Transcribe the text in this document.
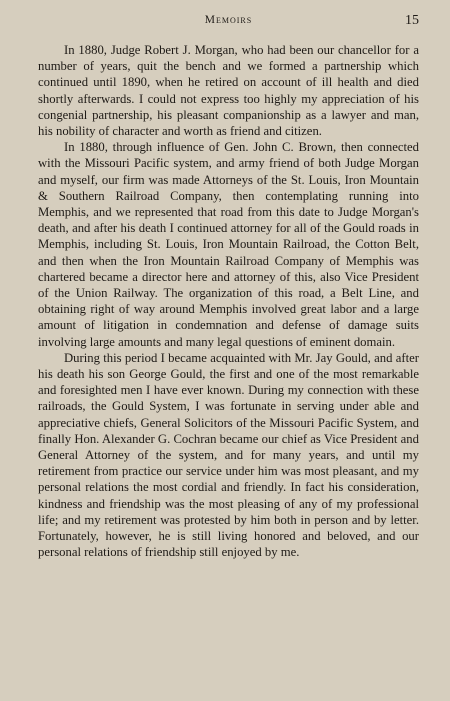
Memoirs	15

In 1880, Judge Robert J. Morgan, who had been our chancellor for a number of years, quit the bench and we formed a partnership which continued until 1890, when he retired on account of ill health and died shortly afterwards. I could not express too highly my appreciation of his congenial partnership, his pleasant companionship as a lawyer and man, his nobility of character and worth as friend and citizen.

In 1880, through influence of Gen. John C. Brown, then connected with the Missouri Pacific system, and army friend of both Judge Morgan and myself, our firm was made Attorneys of the St. Louis, Iron Mountain & Southern Railroad Company, then contemplating running into Memphis, and we represented that road from this date to Judge Morgan's death, and after his death I continued attorney for all of the Gould roads in Memphis, including St. Louis, Iron Mountain Railroad, the Cotton Belt, and then when the Iron Mountain Railroad Company of Memphis was chartered became a director here and attorney of this, also Vice President of the Union Railway. The organization of this road, a Belt Line, and obtaining right of way around Memphis involved great labor and a large amount of litigation in condemnation and defense of damage suits involving large amounts and many legal questions of eminent domain.

During this period I became acquainted with Mr. Jay Gould, and after his death his son George Gould, the first and one of the most remarkable and foresighted men I have ever known. During my connection with these railroads, the Gould System, I was fortunate in serving under able and appreciative chiefs, General Solicitors of the Missouri Pacific System, and finally Hon. Alexander G. Cochran became our chief as Vice President and General Attorney of the system, and for many years, and until my retirement from practice our service under him was most pleasant, and my personal relations the most cordial and friendly. In fact his consideration, kindness and friendship was the most pleasing of any of my professional life; and my retirement was protested by him both in person and by letter. Fortunately, however, he is still living honored and beloved, and our personal relations of friendship still enjoyed by me.
